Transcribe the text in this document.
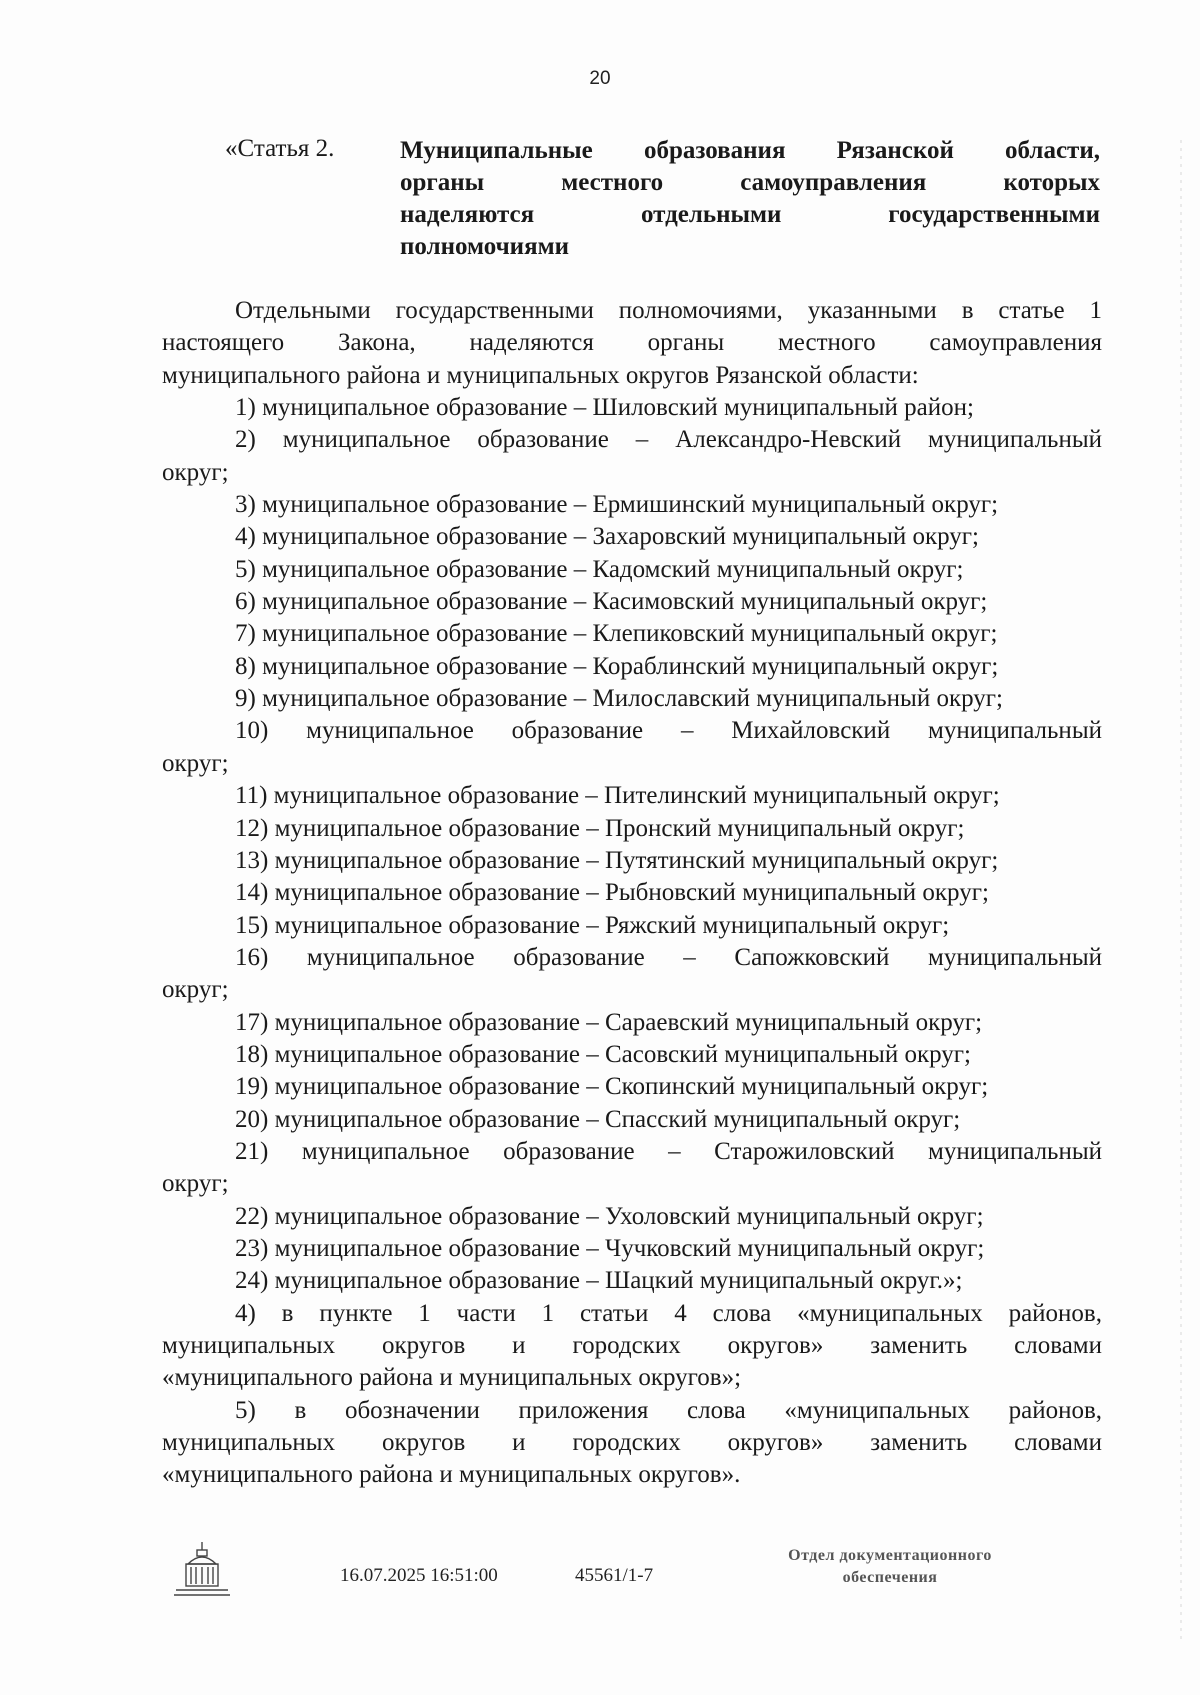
20
«Статья 2.	Муниципальные образования Рязанской области,
органы местного самоуправления которых
наделяются отдельными государственными
полномочиями
Отдельными государственными полномочиями, указанными в статье 1
настоящего Закона, наделяются органы местного самоуправления
муниципального района и муниципальных округов Рязанской области:
1) муниципальное образование – Шиловский муниципальный район;
2) муниципальное образование – Александро-Невский муниципальный
округ;
3) муниципальное образование – Ермишинский муниципальный округ;
4) муниципальное образование – Захаровский муниципальный округ;
5) муниципальное образование – Кадомский муниципальный округ;
6) муниципальное образование – Касимовский муниципальный округ;
7) муниципальное образование – Клепиковский муниципальный округ;
8) муниципальное образование – Кораблинский муниципальный округ;
9) муниципальное образование – Милославский муниципальный округ;
10) муниципальное образование – Михайловский муниципальный
округ;
11) муниципальное образование – Пителинский муниципальный округ;
12) муниципальное образование – Пронский муниципальный округ;
13) муниципальное образование – Путятинский муниципальный округ;
14) муниципальное образование – Рыбновский муниципальный округ;
15) муниципальное образование – Ряжский муниципальный округ;
16) муниципальное образование – Сапожковский муниципальный
округ;
17) муниципальное образование – Сараевский муниципальный округ;
18) муниципальное образование – Сасовский муниципальный округ;
19) муниципальное образование – Скопинский муниципальный округ;
20) муниципальное образование – Спасский муниципальный округ;
21) муниципальное образование – Старожиловский муниципальный
округ;
22) муниципальное образование – Ухоловский муниципальный округ;
23) муниципальное образование – Чучковский муниципальный округ;
24) муниципальное образование – Шацкий муниципальный округ.»;
4) в пункте 1 части 1 статьи 4 слова «муниципальных районов,
муниципальных округов и городских округов» заменить словами
«муниципального района и муниципальных округов»;
5) в обозначении приложения слова «муниципальных районов,
муниципальных округов и городских округов» заменить словами
«муниципального района и муниципальных округов».
16.07.2025 16:51:00	45561/1-7
Отдел документационного
обеспечения
